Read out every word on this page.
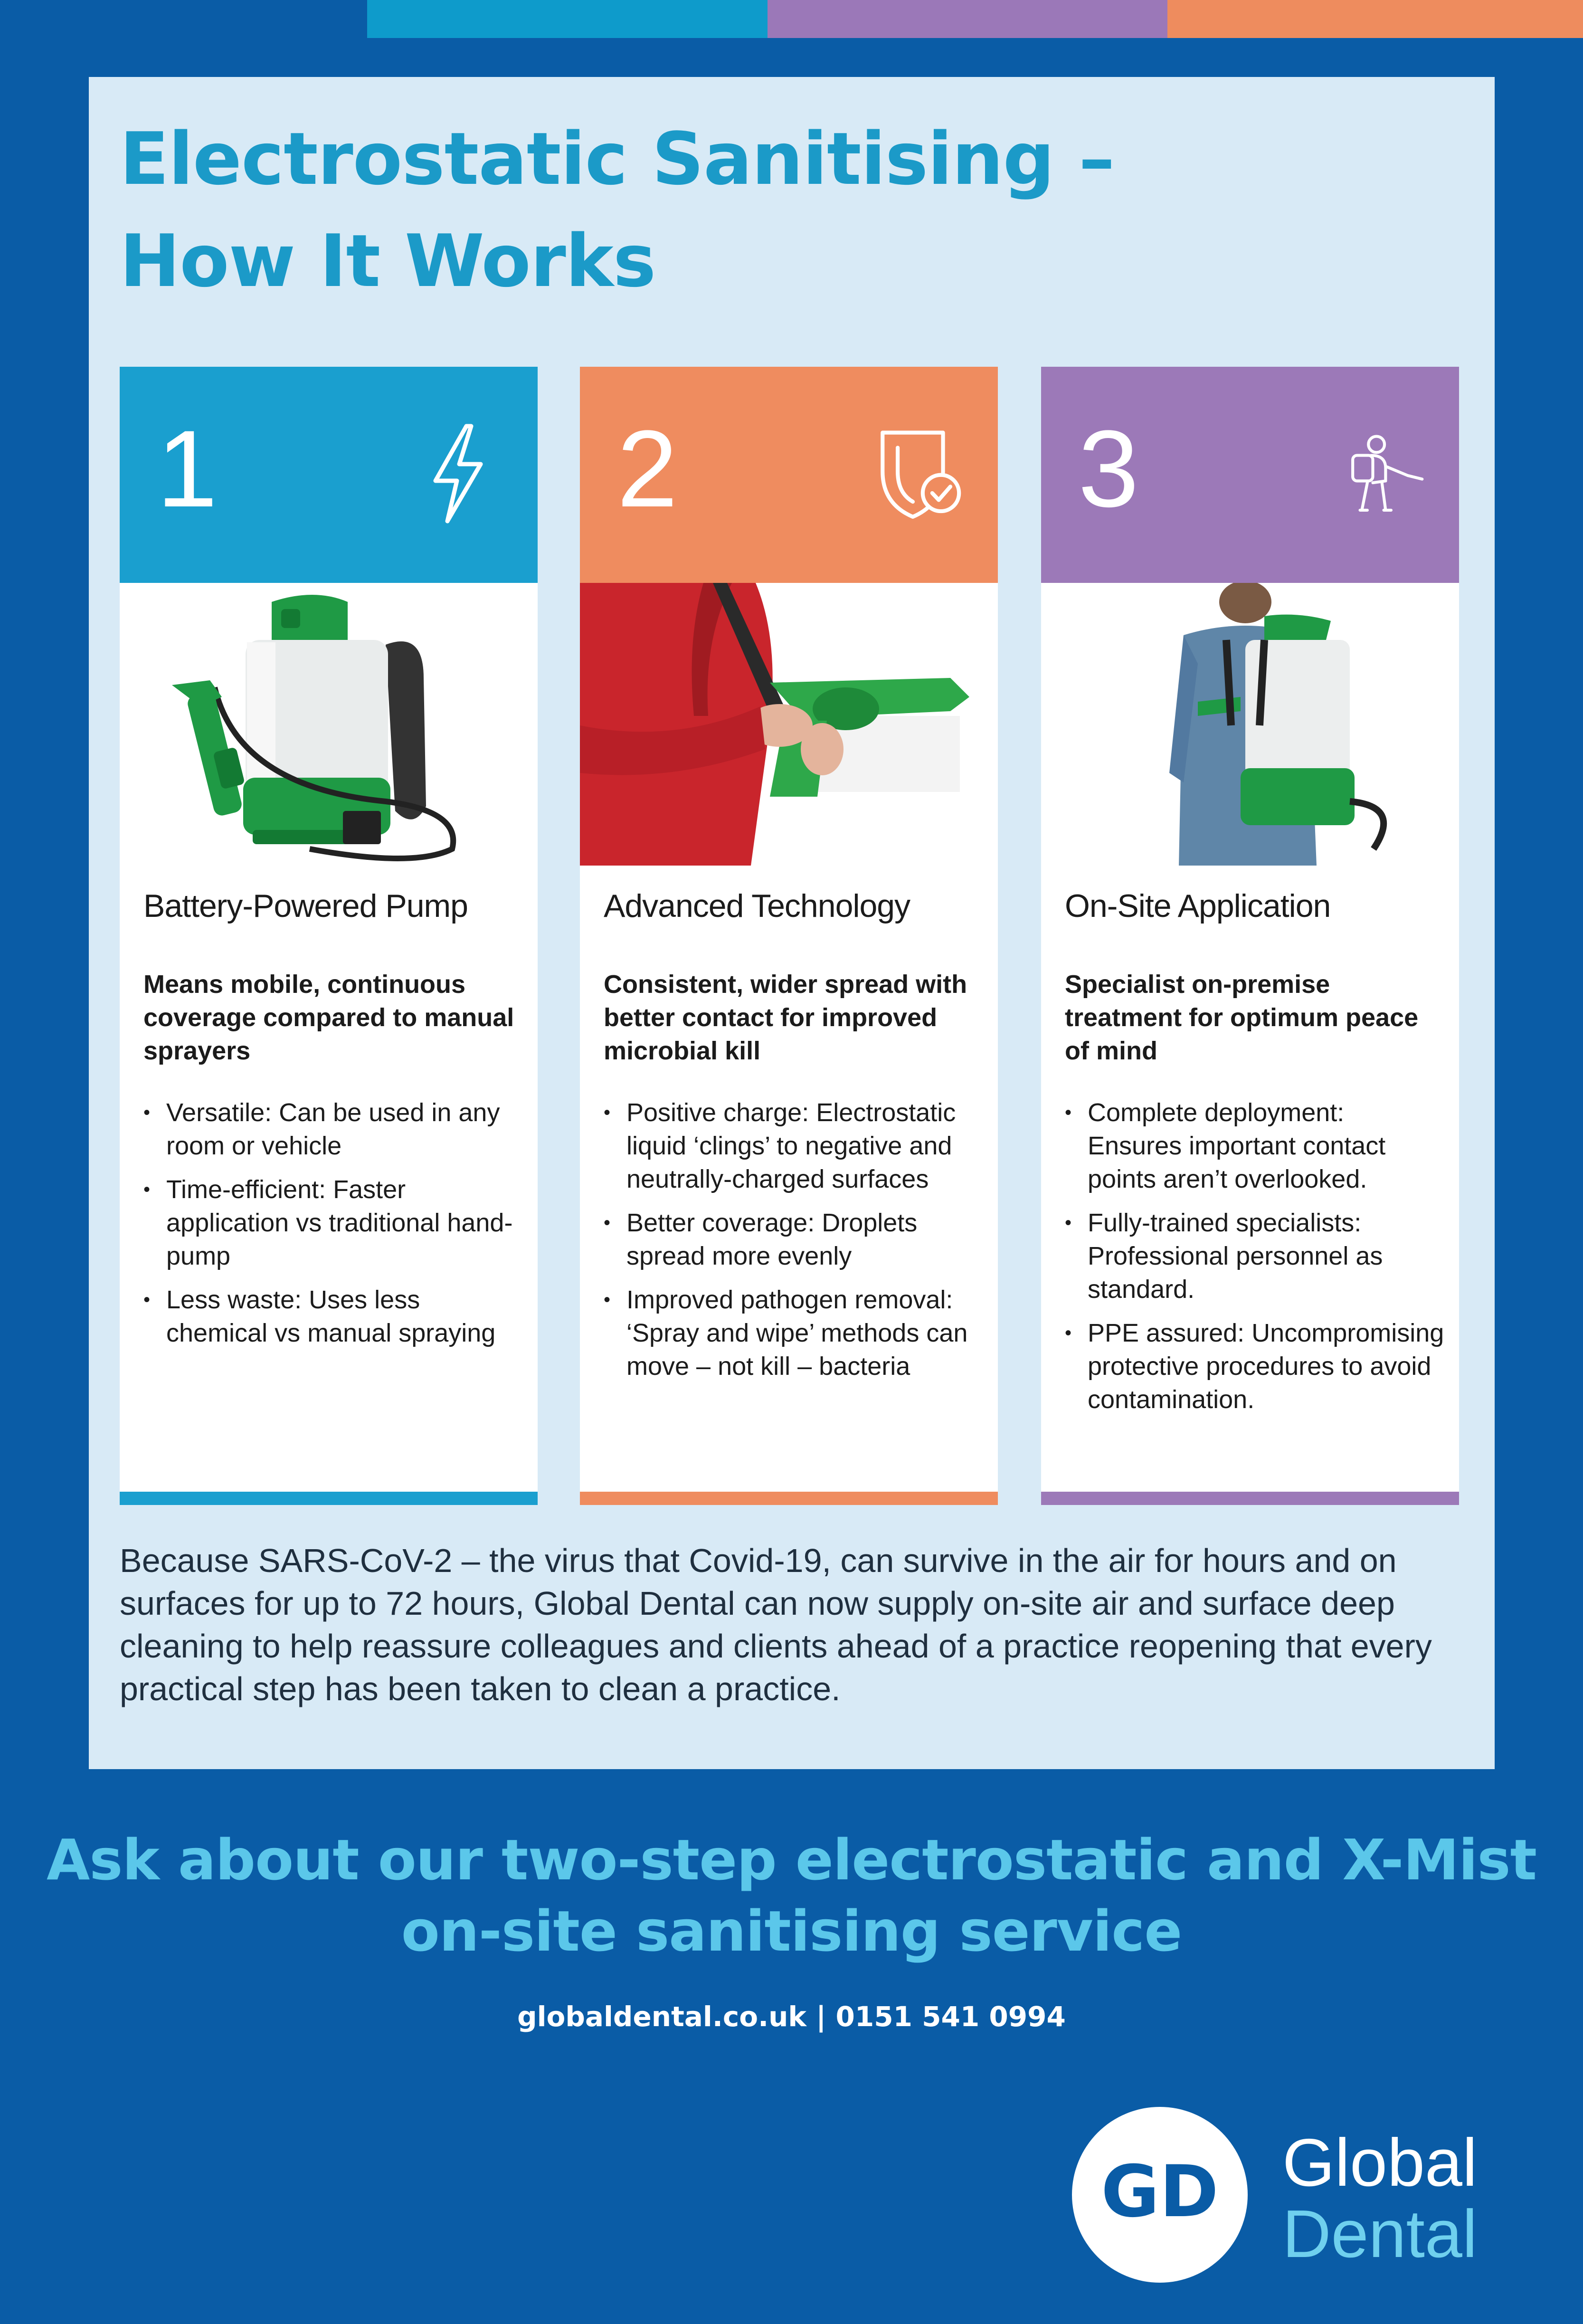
Electrostatic Sanitising –
How It Works
1
Battery-Powered Pump
Means mobile, continuous coverage compared to manual sprayers
• Versatile: Can be used in any room or vehicle
• Time-efficient: Faster application vs traditional hand-pump
• Less waste: Uses less chemical vs manual spraying
2
Advanced Technology
Consistent, wider spread with better contact for improved microbial kill
• Positive charge: Electrostatic liquid ‘clings’ to negative and neutrally-charged surfaces
• Better coverage: Droplets spread more evenly
• Improved pathogen removal: ‘Spray and wipe’ methods can move – not kill – bacteria
3
On-Site Application
Specialist on-premise treatment for optimum peace of mind
• Complete deployment: Ensures important contact points aren’t overlooked.
• Fully-trained specialists: Professional personnel as standard.
• PPE assured: Uncompromising protective procedures to avoid contamination.

Because SARS-CoV-2 – the virus that Covid-19, can survive in the air for hours and on surfaces for up to 72 hours, Global Dental can now supply on-site air and surface deep cleaning to help reassure colleagues and clients ahead of a practice reopening that every practical step has been taken to clean a practice.

Ask about our two-step electrostatic and X-Mist
on-site sanitising service
globaldental.co.uk | 0151 541 0994
GD Global
Dental
